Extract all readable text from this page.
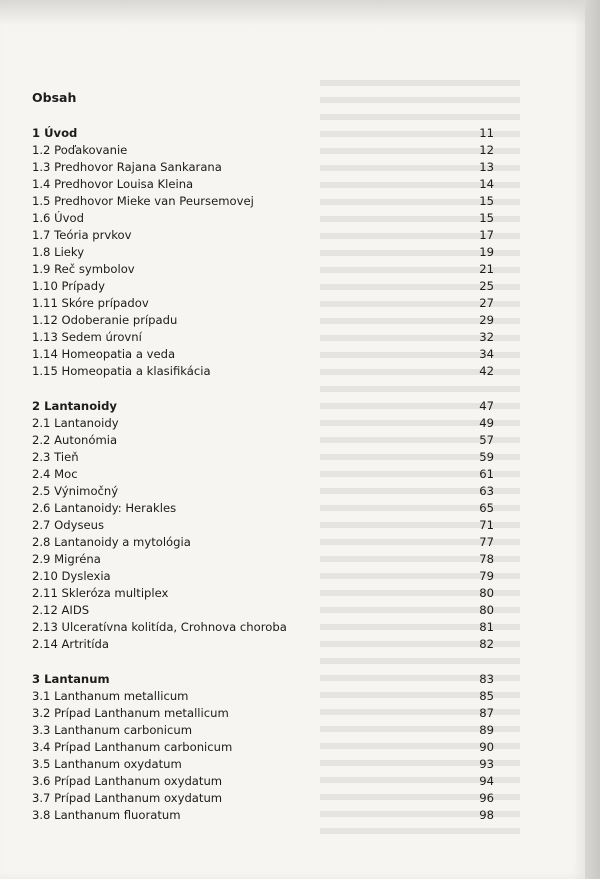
Obsah
1 Úvod	11
1.2 Poďakovanie	12
1.3 Predhovor Rajana Sankarana	13
1.4 Predhovor Louisa Kleina	14
1.5 Predhovor Mieke van Peursemovej	15
1.6 Úvod	15
1.7 Teória prvkov	17
1.8 Lieky	19
1.9 Reč symbolov	21
1.10 Prípady	25
1.11 Skóre prípadov	27
1.12 Odoberanie prípadu	29
1.13 Sedem úrovní	32
1.14 Homeopatia a veda	34
1.15 Homeopatia a klasifikácia	42
2 Lantanoidy	47
2.1 Lantanoidy	49
2.2 Autonómia	57
2.3 Tieň	59
2.4 Moc	61
2.5 Výnimočný	63
2.6 Lantanoidy: Herakles	65
2.7 Odyseus	71
2.8 Lantanoidy a mytológia	77
2.9 Migréna	78
2.10 Dyslexia	79
2.11 Skleróza multiplex	80
2.12 AIDS	80
2.13 Ulceratívna kolitída, Crohnova choroba	81
2.14 Artritída	82
3 Lantanum	83
3.1 Lanthanum metallicum	85
3.2 Prípad Lanthanum metallicum	87
3.3 Lanthanum carbonicum	89
3.4 Prípad Lanthanum carbonicum	90
3.5 Lanthanum oxydatum	93
3.6 Prípad Lanthanum oxydatum	94
3.7 Prípad Lanthanum oxydatum	96
3.8 Lanthanum fluoratum	98
